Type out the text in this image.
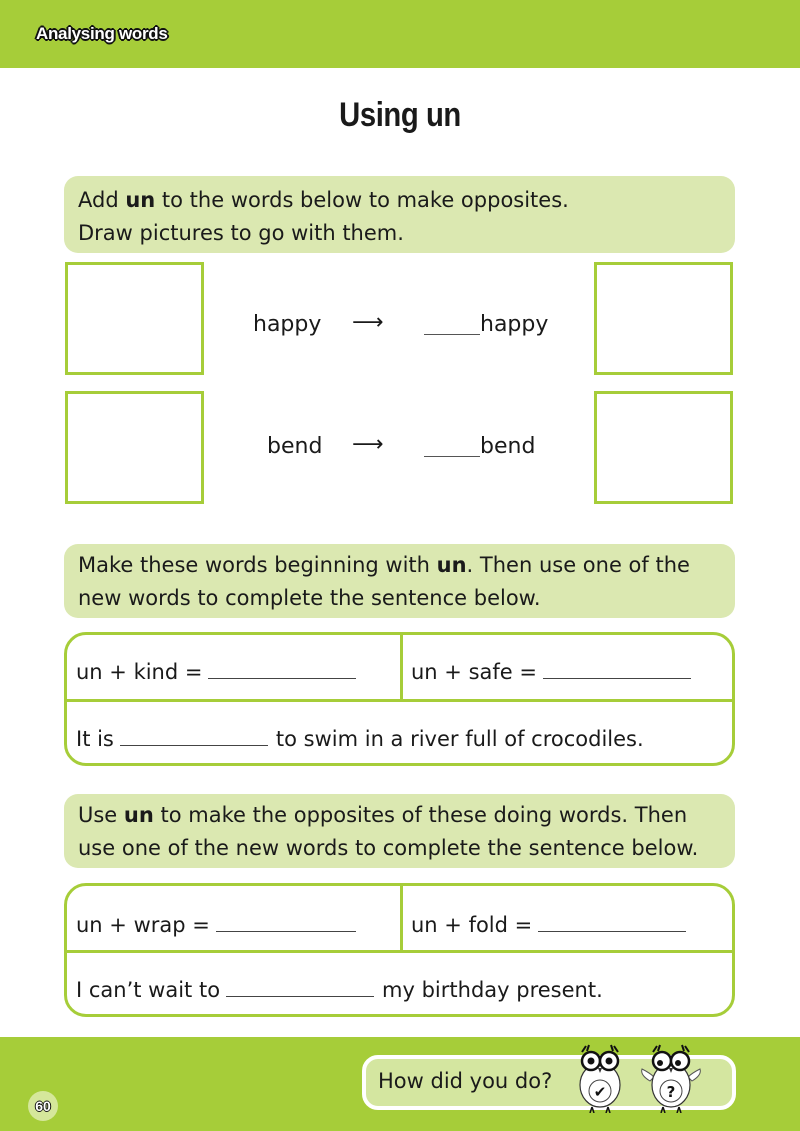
Analysing words
Using un
Add un to the words below to make opposites.
Draw pictures to go with them.
happy ⟶	happy
bend ⟶	bend
Make these words beginning with un. Then use one of the
new words to complete the sentence below.
un + kind =	un + safe =
It is	to swim in a river full of crocodiles.
Use un to make the opposites of these doing words. Then
use one of the new words to complete the sentence below.
un + wrap =	un + fold =
I can’t wait to	my birthday present.
60
How did you do?	✔	?
